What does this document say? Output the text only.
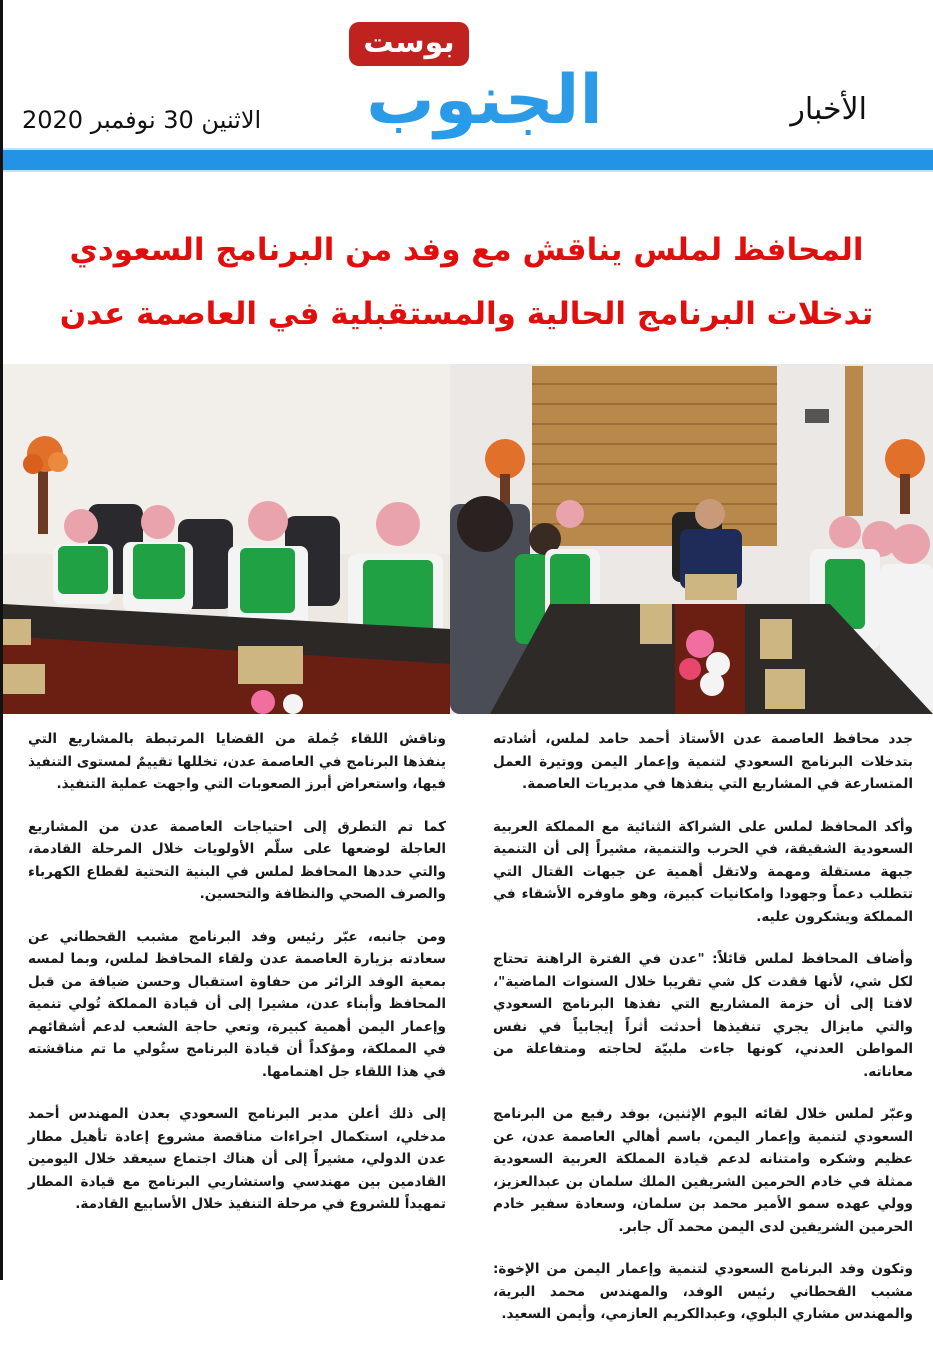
الأخبار
بوست
الجنوب
الاثنين 30 نوفمبر 2020
المحافظ لملس يناقش مع وفد من البرنامج السعودي
تدخلات البرنامج الحالية والمستقبلية في العاصمة عدن

جدد محافظ العاصمة عدن الأستاذ أحمد حامد لملس، أشادته بتدخلات البرنامج السعودي لتنمية وإعمار اليمن ووتيرة العمل المتسارعة في المشاريع التي ينفذها في مديريات العاصمة.

وأكد المحافظ لملس على الشراكة الثنائية مع المملكة العربية السعودية الشقيقة، في الحرب والتنمية، مشيراً إلى أن التنمية جبهة مستقلة ومهمة ولاتقل أهمية عن جبهات القتال التي تتطلب دعماً وجهودا وامكانيات كبيرة، وهو ماوفره الأشقاء في المملكة ويشكرون عليه.

وأضاف المحافظ لملس قائلاً: "عدن في الفترة الراهنة تحتاج لكل شي، لأنها فقدت كل شي تقريبا خلال السنوات الماضية"، لافتا إلى أن حزمة المشاريع التي نفذها البرنامج السعودي والتي مايزال يجري تنفيذها أحدثت أثراً إيجابياً في نفس المواطن العدني، كونها جاءت ملبيّة لحاجته ومتفاعلة من معاناته.

وعبّر لملس خلال لقائه اليوم الإثنين، بوفد رفيع من البرنامج السعودي لتنمية وإعمار اليمن، باسم أهالي العاصمة عدن، عن عظيم وشكره وامتنانه لدعم قيادة المملكة العربية السعودية ممثلة في خادم الحرمين الشريفين الملك سلمان بن عبدالعزيز، وولي عهده سمو الأمير محمد بن سلمان، وسعادة سفير خادم الحرمين الشريفين لدى اليمن محمد آل جابر.

وتكون وفد البرنامج السعودي لتنمية وإعمار اليمن من الإخوة: مشبب القحطاني رئيس الوفد، والمهندس محمد البرية، والمهندس مشاري البلوي، وعبدالكريم العازمي، وأيمن السعيد.

وناقش اللقاء جُملة من القضايا المرتبطة بالمشاريع التي ينفذها البرنامج في العاصمة عدن، تخللها تقييمٌ لمستوى التنفيذ فيها، واستعراض أبرز الصعوبات التي واجهت عملية التنفيذ.

كما تم التطرق إلى احتياجات العاصمة عدن من المشاريع العاجلة لوضعها على سلّم الأولويات خلال المرحلة القادمة، والتي حددها المحافظ لملس في البنية التحتية لقطاع الكهرباء والصرف الصحي والنظافة والتحسين.

ومن جانبه، عبّر رئيس وفد البرنامج مشبب القحطاني عن سعادته بزيارة العاصمة عدن ولقاء المحافظ لملس، وبما لمسه بمعية الوفد الزائر من حفاوة استقبال وحسن ضيافة من قبل المحافظ وأبناء عدن، مشيرا إلى أن قيادة المملكة تُولي تنمية وإعمار اليمن أهمية كبيرة، وتعي حاجة الشعب لدعم أشقائهم في المملكة، ومؤكداً أن قيادة البرنامج ستُولي ما تم مناقشته في هذا اللقاء جل اهتمامها.

إلى ذلك أعلن مدير البرنامج السعودي بعدن المهندس أحمد مدخلي، استكمال اجراءات مناقصة مشروع إعادة تأهيل مطار عدن الدولي، مشيراً إلى أن هناك اجتماع سيعقد خلال اليومين القادمين بين مهندسي واستشاريي البرنامج مع قيادة المطار تمهيداً للشروع في مرحلة التنفيذ خلال الأسابيع القادمة.
